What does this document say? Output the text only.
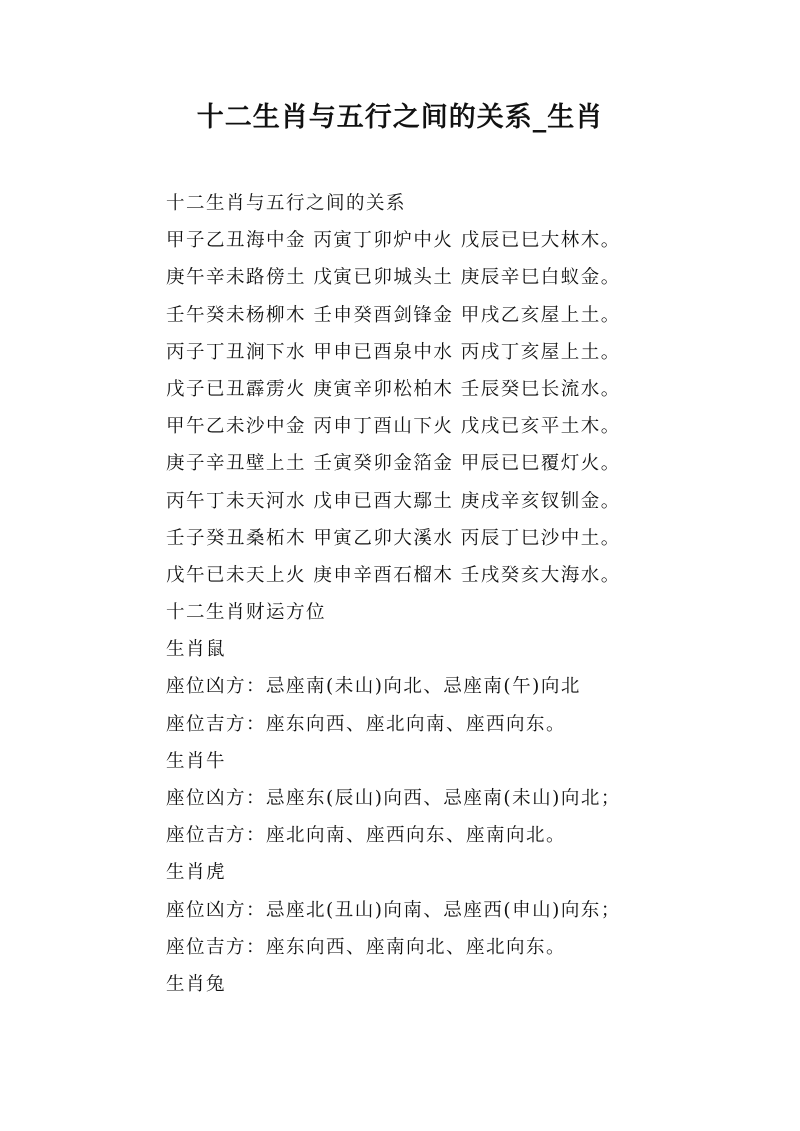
十二生肖与五行之间的关系_生肖
十二生肖与五行之间的关系
甲子乙丑海中金 丙寅丁卯炉中火 戊辰已巳大林木。
庚午辛未路傍土 戊寅已卯城头土 庚辰辛巳白蚁金。
壬午癸未杨柳木 壬申癸酉剑锋金 甲戌乙亥屋上土。
丙子丁丑涧下水 甲申已酉泉中水 丙戌丁亥屋上土。
戊子已丑霹雳火 庚寅辛卯松柏木 壬辰癸巳长流水。
甲午乙未沙中金 丙申丁酉山下火 戊戌已亥平土木。
庚子辛丑壁上土 壬寅癸卯金箔金 甲辰已巳覆灯火。
丙午丁未天河水 戊申已酉大鄢土 庚戌辛亥钗钏金。
壬子癸丑桑柘木 甲寅乙卯大溪水 丙辰丁巳沙中土。
戊午已未天上火 庚申辛酉石榴木 壬戌癸亥大海水。
十二生肖财运方位
生肖鼠
座位凶方：忌座南(未山)向北、忌座南(午)向北
座位吉方：座东向西、座北向南、座西向东。
生肖牛
座位凶方：忌座东(辰山)向西、忌座南(未山)向北；
座位吉方：座北向南、座西向东、座南向北。
生肖虎
座位凶方：忌座北(丑山)向南、忌座西(申山)向东；
座位吉方：座东向西、座南向北、座北向东。
生肖兔
